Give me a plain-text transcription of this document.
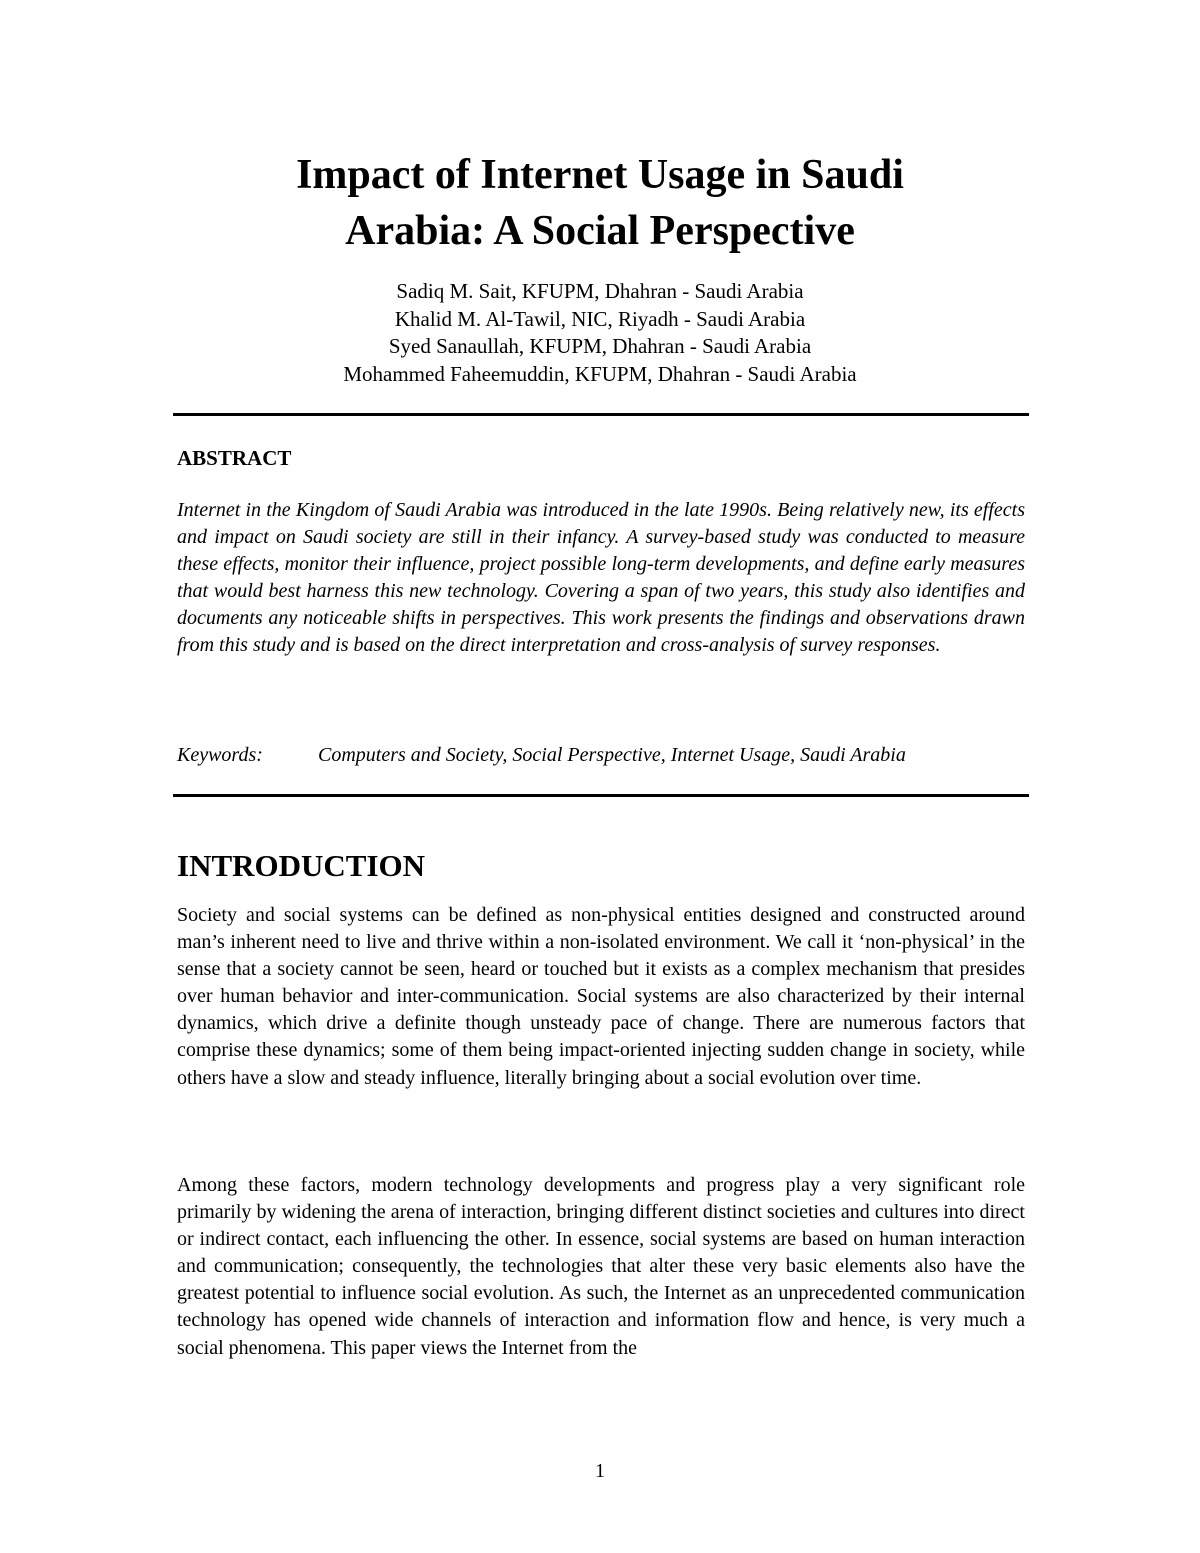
Impact of Internet Usage in Saudi
Arabia: A Social Perspective
Sadiq M. Sait, KFUPM, Dhahran - Saudi Arabia
Khalid M. Al-Tawil, NIC, Riyadh - Saudi Arabia
Syed Sanaullah, KFUPM, Dhahran - Saudi Arabia
Mohammed Faheemuddin, KFUPM, Dhahran - Saudi Arabia
ABSTRACT

Internet in the Kingdom of Saudi Arabia was introduced in the late 1990s. Being relatively new, its effects and impact on Saudi society are still in their infancy. A survey-based study was conducted to measure these effects, monitor their influence, project possible long-term developments, and define early measures that would best harness this new technology. Covering a span of two years, this study also identifies and documents any noticeable shifts in perspectives. This work presents the findings and observations drawn from this study and is based on the direct interpretation and cross-analysis of survey responses.

Keywords:	Computers and Society, Social Perspective, Internet Usage, Saudi Arabia
INTRODUCTION

Society and social systems can be defined as non-physical entities designed and constructed around man’s inherent need to live and thrive within a non-isolated environment. We call it ‘non-physical’ in the sense that a society cannot be seen, heard or touched but it exists as a complex mechanism that presides over human behavior and inter-communication. Social systems are also characterized by their internal dynamics, which drive a definite though unsteady pace of change. There are numerous factors that comprise these dynamics; some of them being impact-oriented injecting sudden change in society, while others have a slow and steady influence, literally bringing about a social evolution over time.

Among these factors, modern technology developments and progress play a very significant role primarily by widening the arena of interaction, bringing different distinct societies and cultures into direct or indirect contact, each influencing the other. In essence, social systems are based on human interaction and communication; consequently, the technologies that alter these very basic elements also have the greatest potential to influence social evolution. As such, the Internet as an unprecedented communication technology has opened wide channels of interaction and information flow and hence, is very much a social phenomena. This paper views the Internet from the

1
